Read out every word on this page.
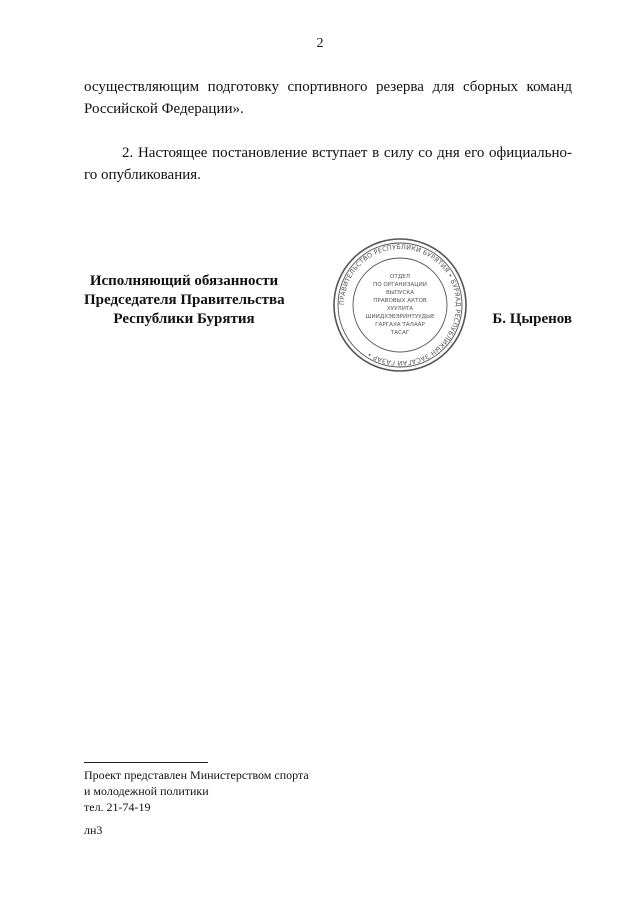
2
осуществляющим подготовку спортивного резерва для сборных команд
Российской Федерации».
2. Настоящее постановление вступает в силу со дня его официально-
го опубликования.
Исполняющий обязанности
Председателя Правительства
Республики Бурятия
ПРАВИТЕЛЬСТВО РЕСПУБЛИКИ БУРЯТИЯ • БУРЯАД РЕСПУБЛИКЫН ЗАСАГАЙ ГАЗАР •
ОТДЕЛ
ПО ОРГАНИЗАЦИИ
ВЫПУСКА
ПРАВОВЫХ АКТОВ
ХУУЛИТА
ШИИДХЭБЭРИНТУУДЫЕ
ГАРГАХА ТАЛААР
ТАСАГ
Б. Цыренов
Проект представлен Министерством спорта
и молодежной политики
тел. 21-74-19
лн3
